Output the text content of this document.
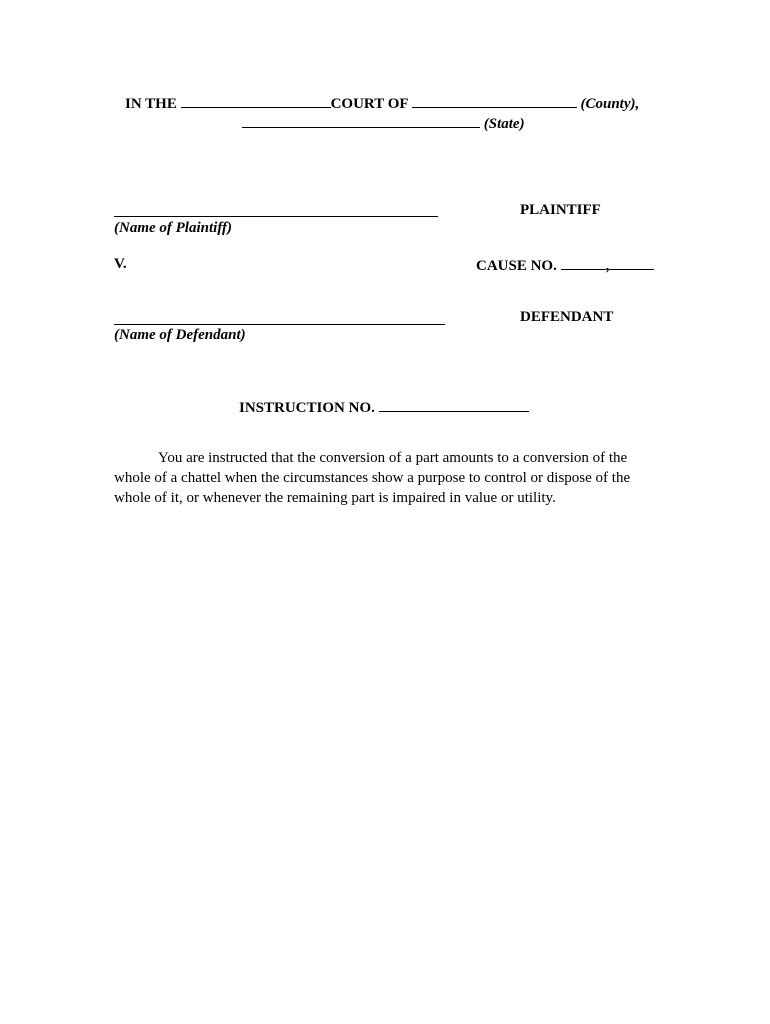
IN THE	COURT OF	(County),
(State)
PLAINTIFF
(Name of Plaintiff)
V.	CAUSE NO.	,
DEFENDANT
(Name of Defendant)
INSTRUCTION NO.
You are instructed that the conversion of a part amounts to a conversion of the
whole of a chattel when the circumstances show a purpose to control or dispose of the
whole of it, or whenever the remaining part is impaired in value or utility.
